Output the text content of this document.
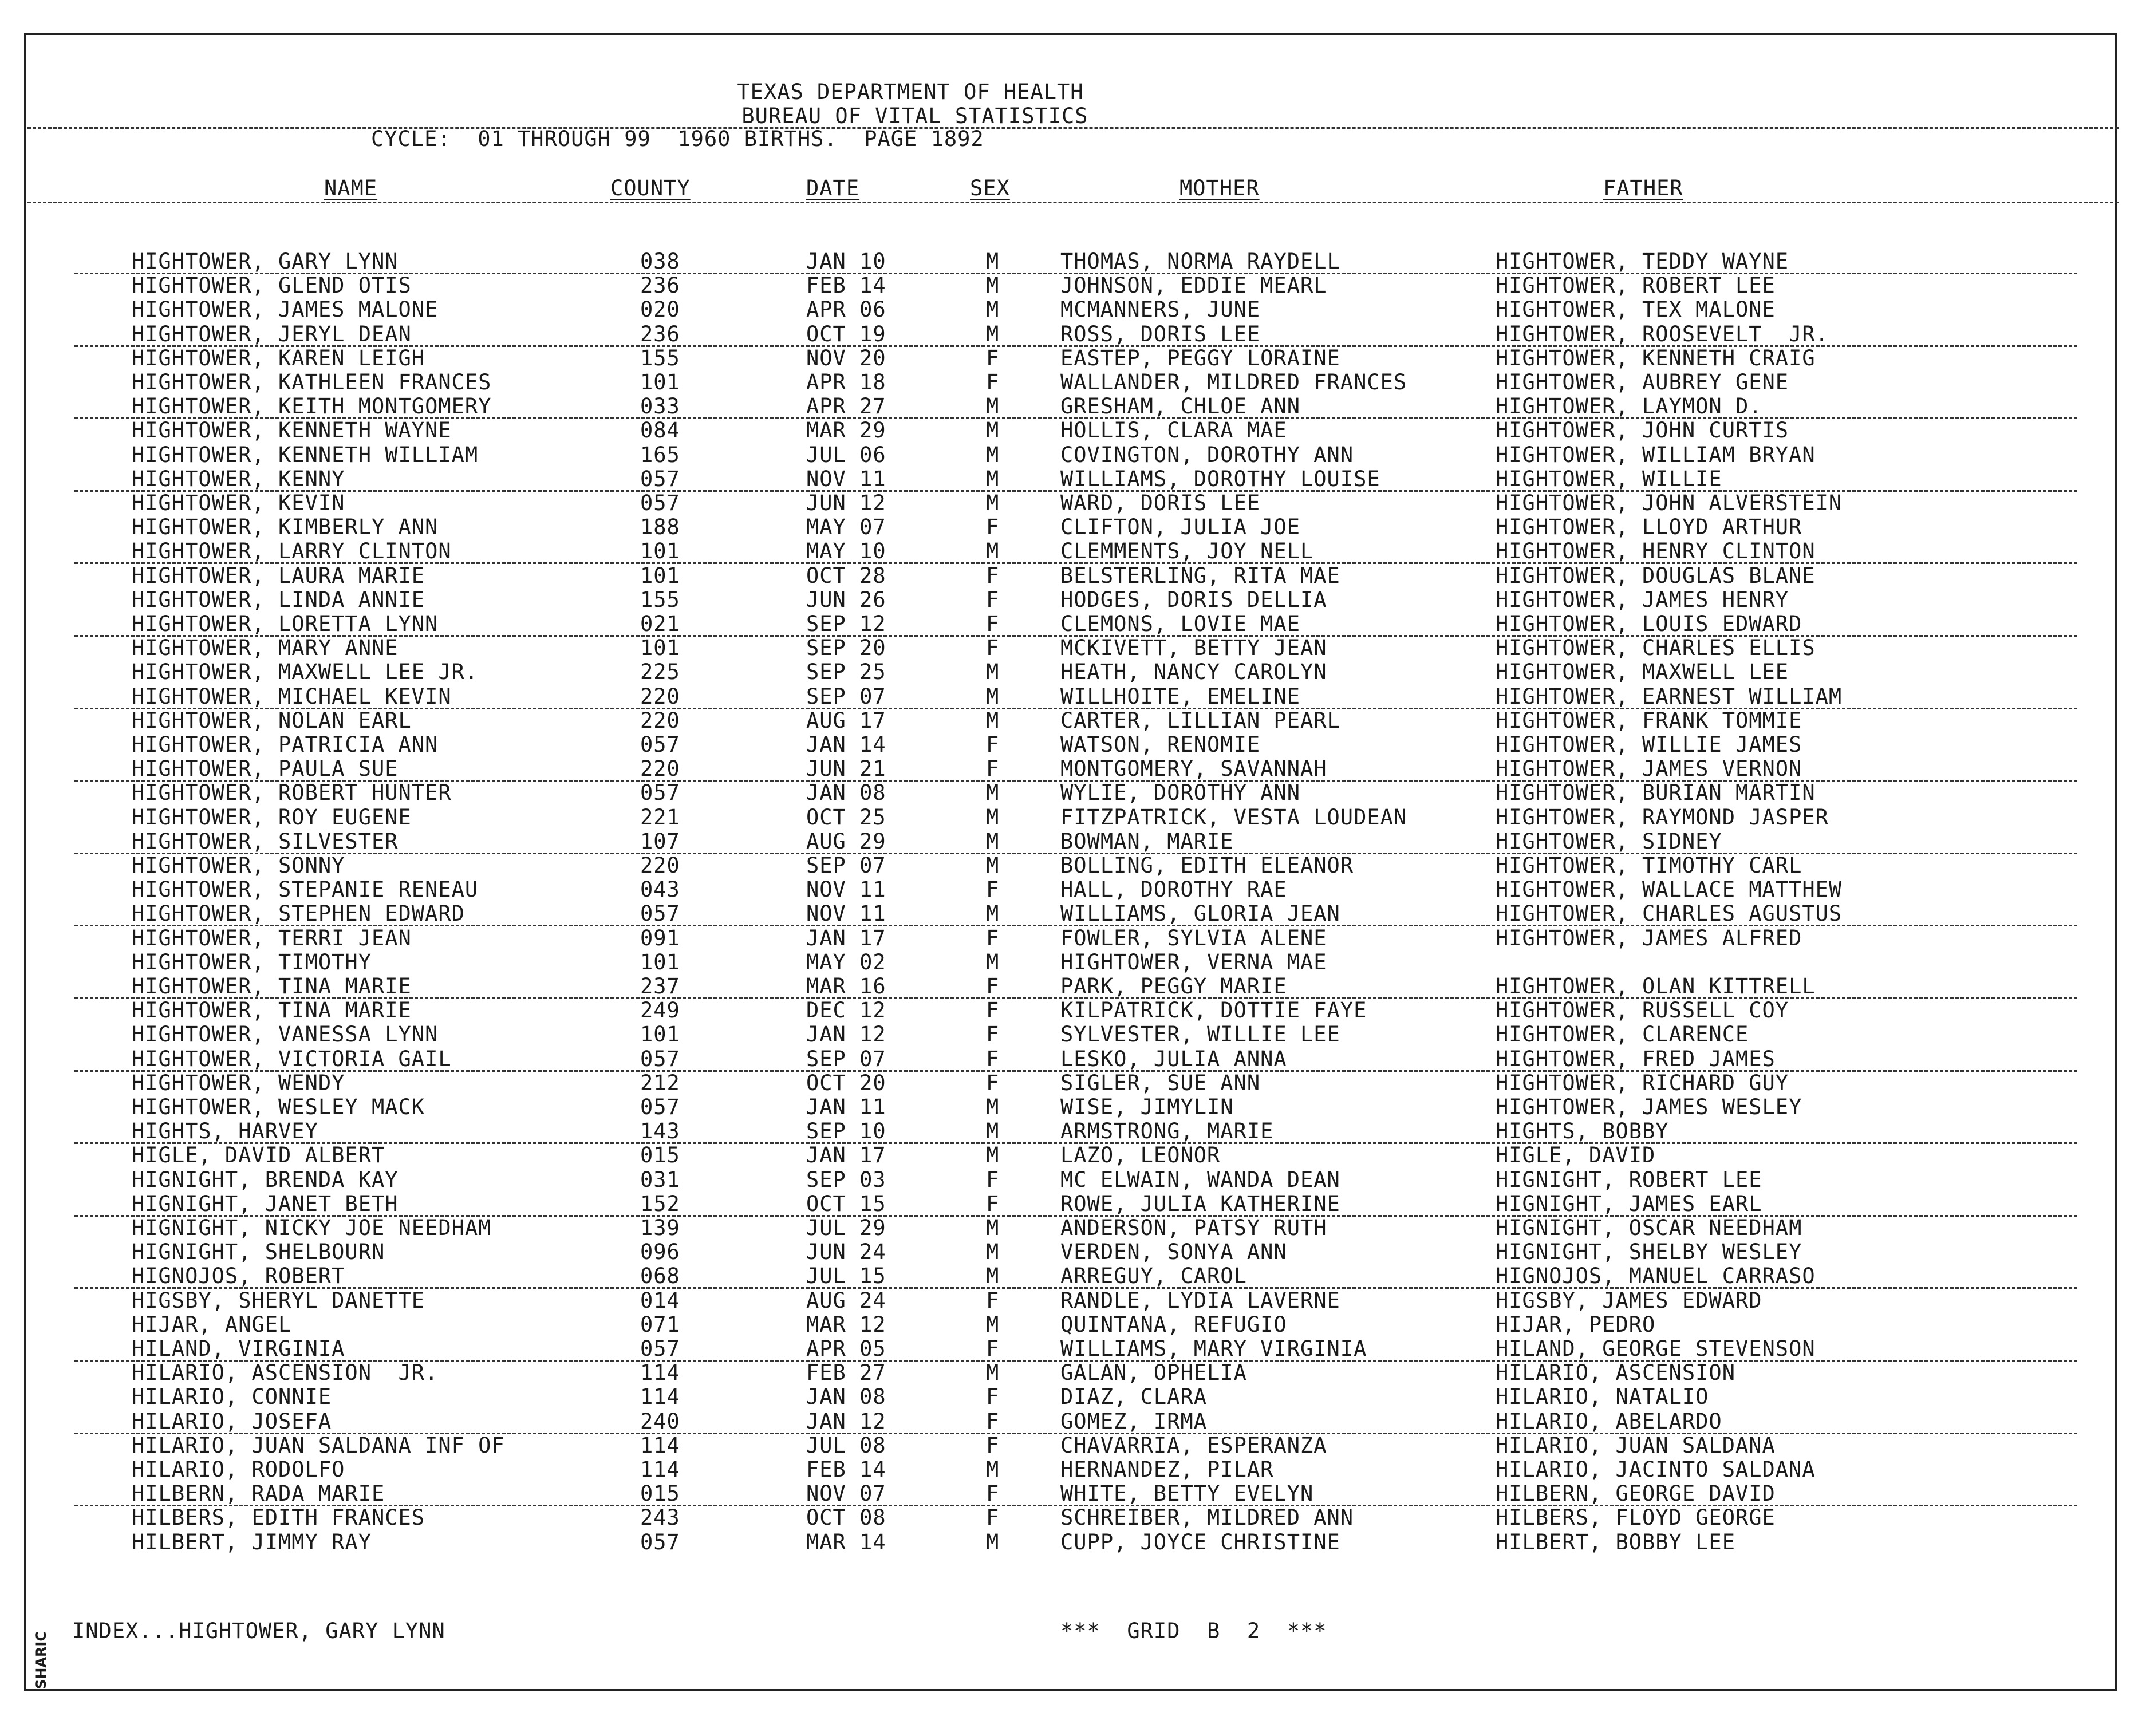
TEXAS DEPARTMENT OF HEALTH
BUREAU OF VITAL STATISTICS
CYCLE:  01 THROUGH 99  1960 BIRTHS.  PAGE 1892
NAME	COUNTY	DATE	SEX	MOTHER	FATHER
HIGHTOWER, GARY LYNN	038	JAN 10	M	THOMAS, NORMA RAYDELL	HIGHTOWER, TEDDY WAYNE
HIGHTOWER, GLEND OTIS	236	FEB 14	M	JOHNSON, EDDIE MEARL	HIGHTOWER, ROBERT LEE
HIGHTOWER, JAMES MALONE	020	APR 06	M	MCMANNERS, JUNE	HIGHTOWER, TEX MALONE
HIGHTOWER, JERYL DEAN	236	OCT 19	M	ROSS, DORIS LEE	HIGHTOWER, ROOSEVELT  JR.
HIGHTOWER, KAREN LEIGH	155	NOV 20	F	EASTEP, PEGGY LORAINE	HIGHTOWER, KENNETH CRAIG
HIGHTOWER, KATHLEEN FRANCES	101	APR 18	F	WALLANDER, MILDRED FRANCES	HIGHTOWER, AUBREY GENE
HIGHTOWER, KEITH MONTGOMERY	033	APR 27	M	GRESHAM, CHLOE ANN	HIGHTOWER, LAYMON D.
HIGHTOWER, KENNETH WAYNE	084	MAR 29	M	HOLLIS, CLARA MAE	HIGHTOWER, JOHN CURTIS
HIGHTOWER, KENNETH WILLIAM	165	JUL 06	M	COVINGTON, DOROTHY ANN	HIGHTOWER, WILLIAM BRYAN
HIGHTOWER, KENNY	057	NOV 11	M	WILLIAMS, DOROTHY LOUISE	HIGHTOWER, WILLIE
HIGHTOWER, KEVIN	057	JUN 12	M	WARD, DORIS LEE	HIGHTOWER, JOHN ALVERSTEIN
HIGHTOWER, KIMBERLY ANN	188	MAY 07	F	CLIFTON, JULIA JOE	HIGHTOWER, LLOYD ARTHUR
HIGHTOWER, LARRY CLINTON	101	MAY 10	M	CLEMMENTS, JOY NELL	HIGHTOWER, HENRY CLINTON
HIGHTOWER, LAURA MARIE	101	OCT 28	F	BELSTERLING, RITA MAE	HIGHTOWER, DOUGLAS BLANE
HIGHTOWER, LINDA ANNIE	155	JUN 26	F	HODGES, DORIS DELLIA	HIGHTOWER, JAMES HENRY
HIGHTOWER, LORETTA LYNN	021	SEP 12	F	CLEMONS, LOVIE MAE	HIGHTOWER, LOUIS EDWARD
HIGHTOWER, MARY ANNE	101	SEP 20	F	MCKIVETT, BETTY JEAN	HIGHTOWER, CHARLES ELLIS
HIGHTOWER, MAXWELL LEE JR.	225	SEP 25	M	HEATH, NANCY CAROLYN	HIGHTOWER, MAXWELL LEE
HIGHTOWER, MICHAEL KEVIN	220	SEP 07	M	WILLHOITE, EMELINE	HIGHTOWER, EARNEST WILLIAM
HIGHTOWER, NOLAN EARL	220	AUG 17	M	CARTER, LILLIAN PEARL	HIGHTOWER, FRANK TOMMIE
HIGHTOWER, PATRICIA ANN	057	JAN 14	F	WATSON, RENOMIE	HIGHTOWER, WILLIE JAMES
HIGHTOWER, PAULA SUE	220	JUN 21	F	MONTGOMERY, SAVANNAH	HIGHTOWER, JAMES VERNON
HIGHTOWER, ROBERT HUNTER	057	JAN 08	M	WYLIE, DOROTHY ANN	HIGHTOWER, BURIAN MARTIN
HIGHTOWER, ROY EUGENE	221	OCT 25	M	FITZPATRICK, VESTA LOUDEAN	HIGHTOWER, RAYMOND JASPER
HIGHTOWER, SILVESTER	107	AUG 29	M	BOWMAN, MARIE	HIGHTOWER, SIDNEY
HIGHTOWER, SONNY	220	SEP 07	M	BOLLING, EDITH ELEANOR	HIGHTOWER, TIMOTHY CARL
HIGHTOWER, STEPANIE RENEAU	043	NOV 11	F	HALL, DOROTHY RAE	HIGHTOWER, WALLACE MATTHEW
HIGHTOWER, STEPHEN EDWARD	057	NOV 11	M	WILLIAMS, GLORIA JEAN	HIGHTOWER, CHARLES AGUSTUS
HIGHTOWER, TERRI JEAN	091	JAN 17	F	FOWLER, SYLVIA ALENE	HIGHTOWER, JAMES ALFRED
HIGHTOWER, TIMOTHY	101	MAY 02	M	HIGHTOWER, VERNA MAE
HIGHTOWER, TINA MARIE	237	MAR 16	F	PARK, PEGGY MARIE	HIGHTOWER, OLAN KITTRELL
HIGHTOWER, TINA MARIE	249	DEC 12	F	KILPATRICK, DOTTIE FAYE	HIGHTOWER, RUSSELL COY
HIGHTOWER, VANESSA LYNN	101	JAN 12	F	SYLVESTER, WILLIE LEE	HIGHTOWER, CLARENCE
HIGHTOWER, VICTORIA GAIL	057	SEP 07	F	LESKO, JULIA ANNA	HIGHTOWER, FRED JAMES
HIGHTOWER, WENDY	212	OCT 20	F	SIGLER, SUE ANN	HIGHTOWER, RICHARD GUY
HIGHTOWER, WESLEY MACK	057	JAN 11	M	WISE, JIMYLIN	HIGHTOWER, JAMES WESLEY
HIGHTS, HARVEY	143	SEP 10	M	ARMSTRONG, MARIE	HIGHTS, BOBBY
HIGLE, DAVID ALBERT	015	JAN 17	M	LAZO, LEONOR	HIGLE, DAVID
HIGNIGHT, BRENDA KAY	031	SEP 03	F	MC ELWAIN, WANDA DEAN	HIGNIGHT, ROBERT LEE
HIGNIGHT, JANET BETH	152	OCT 15	F	ROWE, JULIA KATHERINE	HIGNIGHT, JAMES EARL
HIGNIGHT, NICKY JOE NEEDHAM	139	JUL 29	M	ANDERSON, PATSY RUTH	HIGNIGHT, OSCAR NEEDHAM
HIGNIGHT, SHELBOURN	096	JUN 24	M	VERDEN, SONYA ANN	HIGNIGHT, SHELBY WESLEY
HIGNOJOS, ROBERT	068	JUL 15	M	ARREGUY, CAROL	HIGNOJOS, MANUEL CARRASO
HIGSBY, SHERYL DANETTE	014	AUG 24	F	RANDLE, LYDIA LAVERNE	HIGSBY, JAMES EDWARD
HIJAR, ANGEL	071	MAR 12	M	QUINTANA, REFUGIO	HIJAR, PEDRO
HILAND, VIRGINIA	057	APR 05	F	WILLIAMS, MARY VIRGINIA	HILAND, GEORGE STEVENSON
HILARIO, ASCENSION  JR.	114	FEB 27	M	GALAN, OPHELIA	HILARIO, ASCENSION
HILARIO, CONNIE	114	JAN 08	F	DIAZ, CLARA	HILARIO, NATALIO
HILARIO, JOSEFA	240	JAN 12	F	GOMEZ, IRMA	HILARIO, ABELARDO
HILARIO, JUAN SALDANA INF OF	114	JUL 08	F	CHAVARRIA, ESPERANZA	HILARIO, JUAN SALDANA
HILARIO, RODOLFO	114	FEB 14	M	HERNANDEZ, PILAR	HILARIO, JACINTO SALDANA
HILBERN, RADA MARIE	015	NOV 07	F	WHITE, BETTY EVELYN	HILBERN, GEORGE DAVID
HILBERS, EDITH FRANCES	243	OCT 08	F	SCHREIBER, MILDRED ANN	HILBERS, FLOYD GEORGE
HILBERT, JIMMY RAY	057	MAR 14	M	CUPP, JOYCE CHRISTINE	HILBERT, BOBBY LEE
INDEX...HIGHTOWER, GARY LYNN	***  GRID  B  2  ***
SHARIC
